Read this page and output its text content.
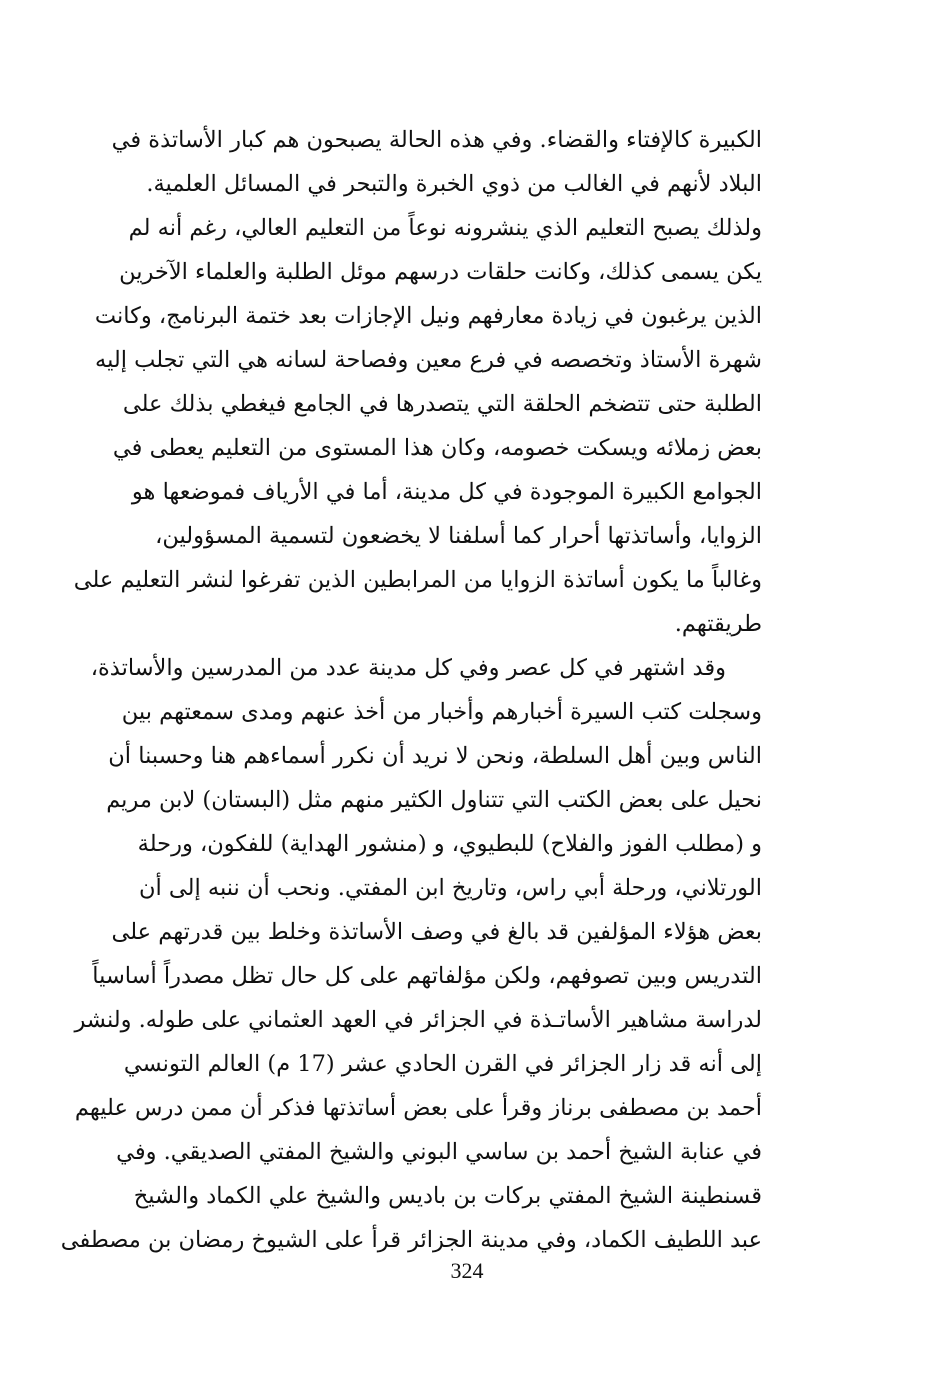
الكبيرة كالإفتاء والقضاء. وفي هذه الحالة يصبحون هم كبار الأساتذة في
البلاد لأنهم في الغالب من ذوي الخبرة والتبحر في المسائل العلمية.
ولذلك يصبح التعليم الذي ينشرونه نوعاً من التعليم العالي، رغم أنه لم
يكن يسمى كذلك، وكانت حلقات درسهم موئل الطلبة والعلماء الآخرين
الذين يرغبون في زيادة معارفهم ونيل الإجازات بعد ختمة البرنامج، وكانت
شهرة الأستاذ وتخصصه في فرع معين وفصاحة لسانه هي التي تجلب إليه
الطلبة حتى تتضخم الحلقة التي يتصدرها في الجامع فيغطي بذلك على
بعض زملائه ويسكت خصومه، وكان هذا المستوى من التعليم يعطى في
الجوامع الكبيرة الموجودة في كل مدينة، أما في الأرياف فموضعها هو
الزوايا، وأساتذتها أحرار كما أسلفنا لا يخضعون لتسمية المسؤولين،
وغالباً ما يكون أساتذة الزوايا من المرابطين الذين تفرغوا لنشر التعليم على
طريقتهم.
وقد اشتهر في كل عصر وفي كل مدينة عدد من المدرسين والأساتذة،
وسجلت كتب السيرة أخبارهم وأخبار من أخذ عنهم ومدى سمعتهم بين
الناس وبين أهل السلطة، ونحن لا نريد أن نكرر أسماءهم هنا وحسبنا أن
نحيل على بعض الكتب التي تتناول الكثير منهم مثل (البستان) لابن مريم
و (مطلب الفوز والفلاح) للبطيوي، و (منشور الهداية) للفكون، ورحلة
الورتلاني، ورحلة أبي راس، وتاريخ ابن المفتي. ونحب أن ننبه إلى أن
بعض هؤلاء المؤلفين قد بالغ في وصف الأساتذة وخلط بين قدرتهم على
التدريس وبين تصوفهم، ولكن مؤلفاتهم على كل حال تظل مصدراً أساسياً
لدراسة مشاهير الأساتـذة في الجزائر في العهد العثماني على طوله. ولنشر
إلى أنه قد زار الجزائر في القرن الحادي عشر (17 م) العالم التونسي
أحمد بن مصطفى برناز وقرأ على بعض أساتذتها فذكر أن ممن درس عليهم
في عنابة الشيخ أحمد بن ساسي البوني والشيخ المفتي الصديقي. وفي
قسنطينة الشيخ المفتي بركات بن باديس والشيخ علي الكماد والشيخ
عبد اللطيف الكماد، وفي مدينة الجزائر قرأ على الشيوخ رمضان بن مصطفى
324
